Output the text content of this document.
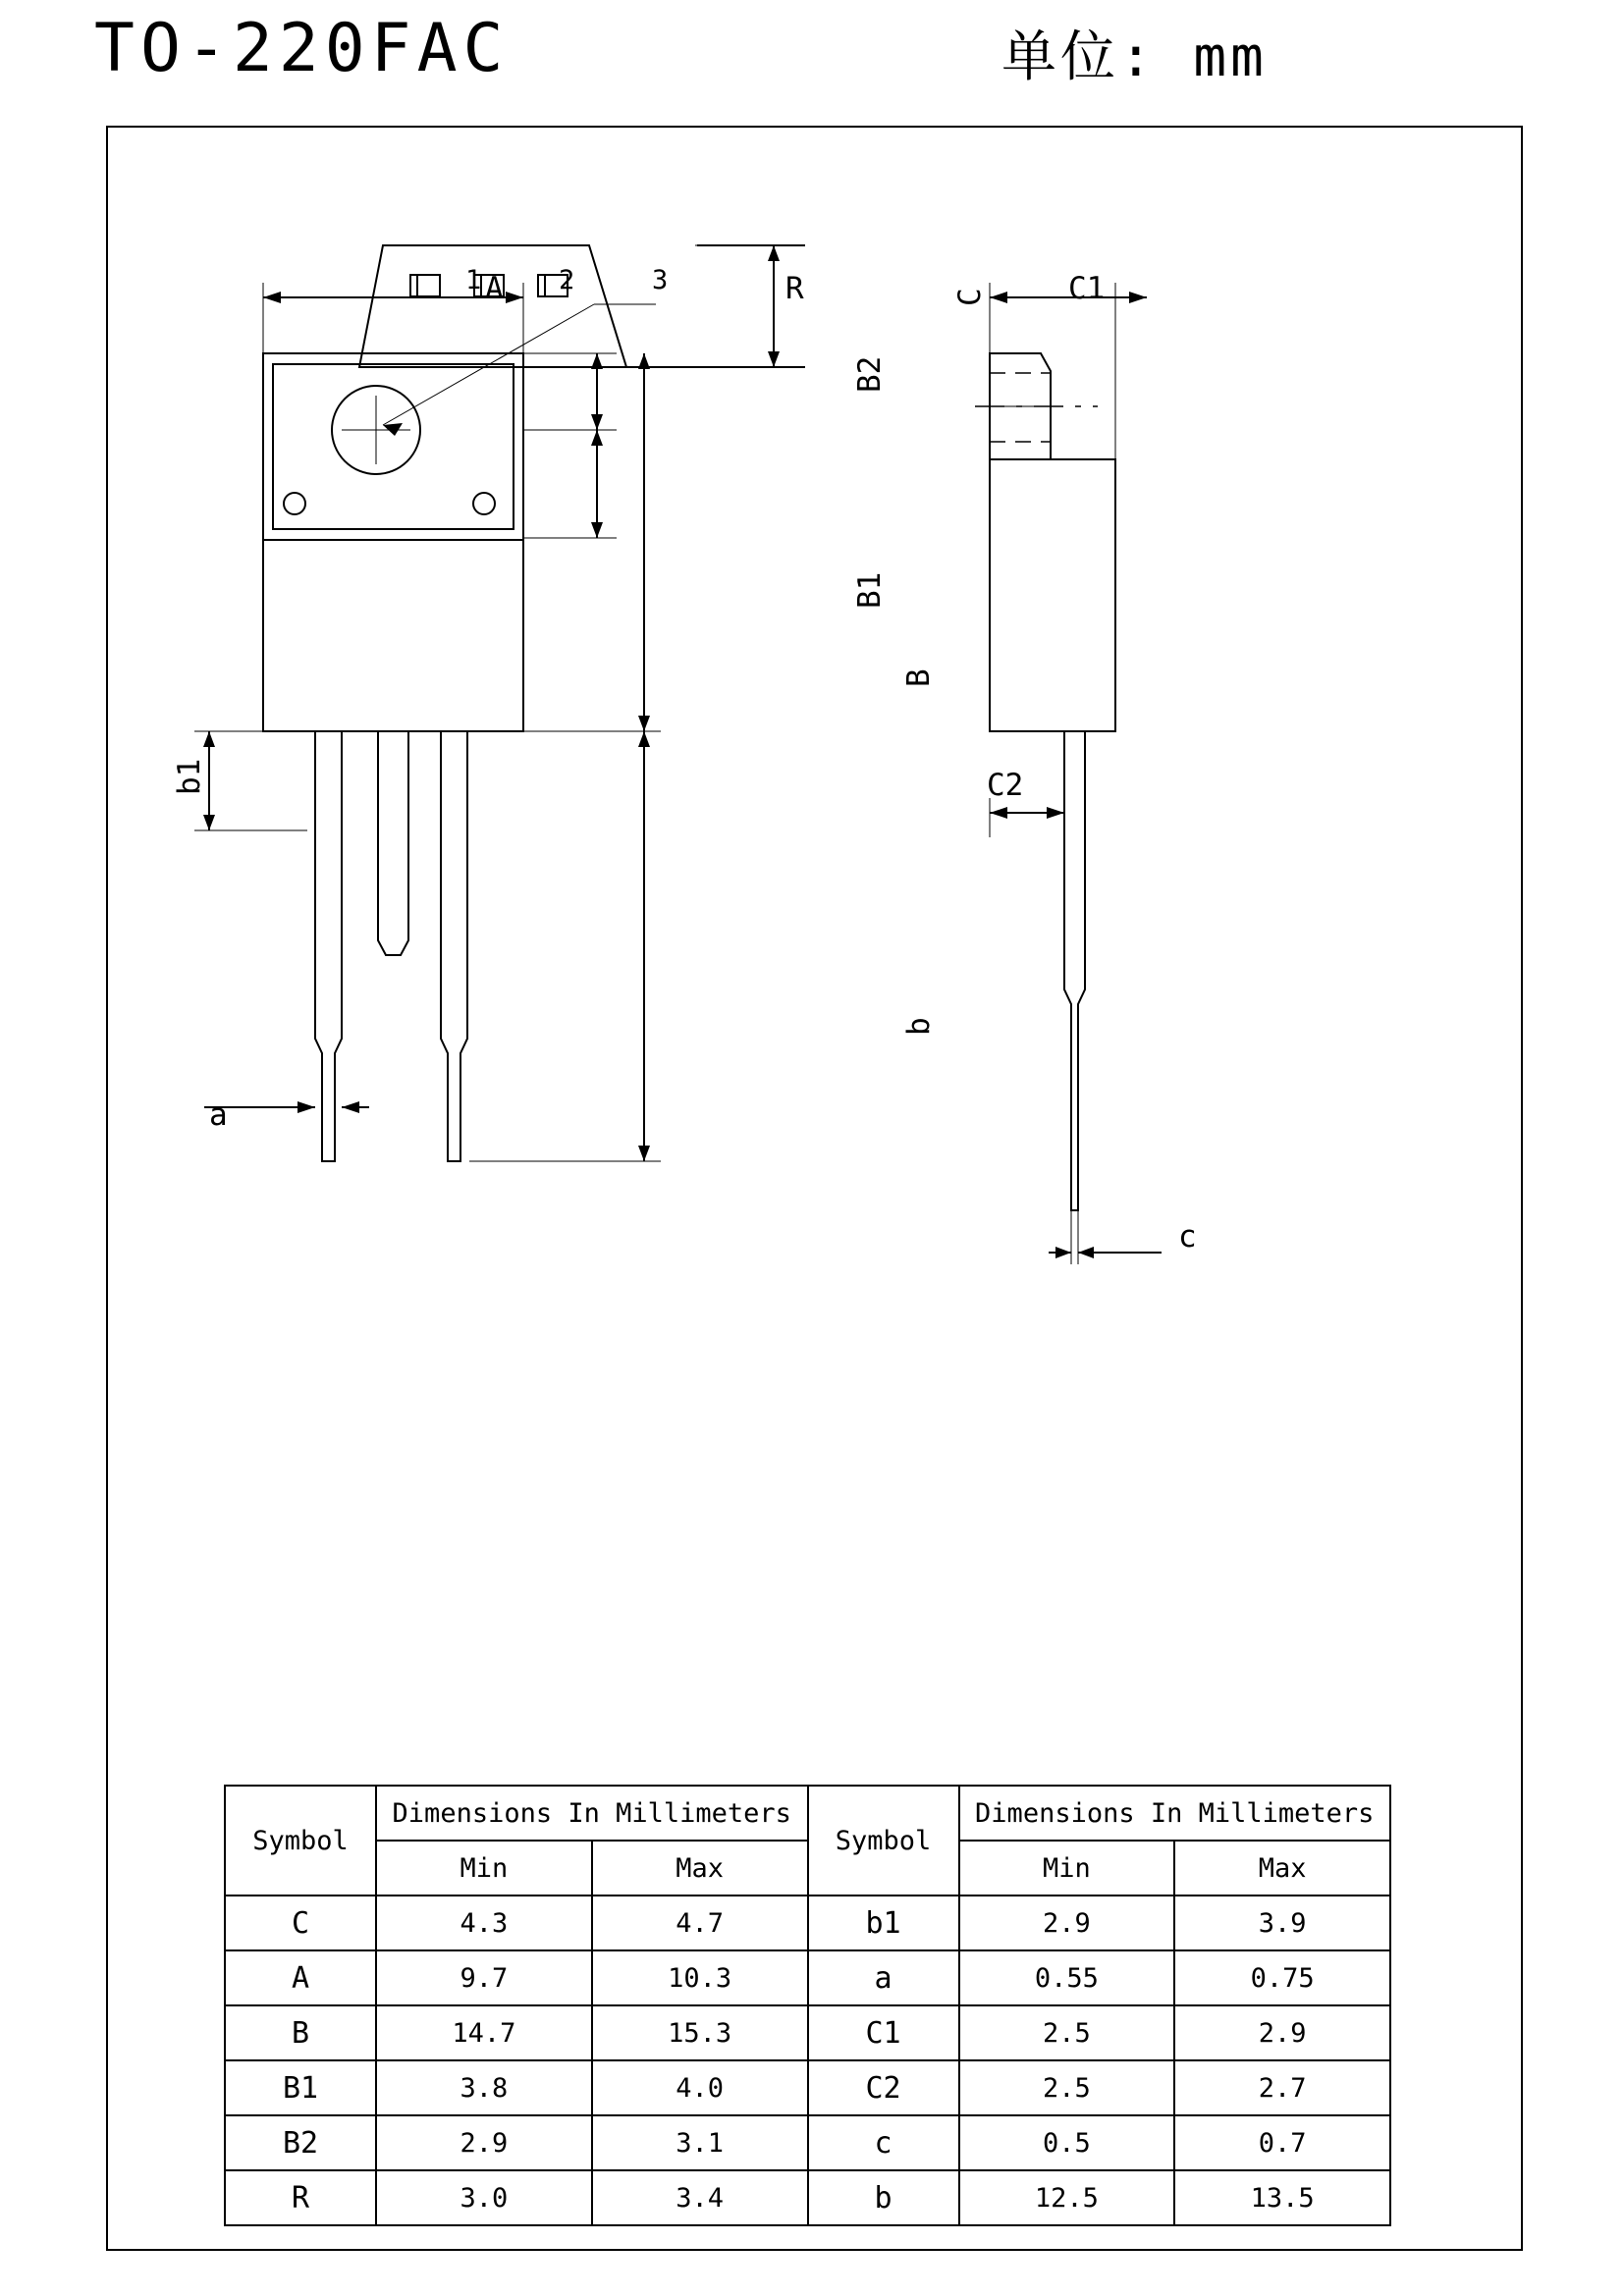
TO-220FAC	单位: mm
1	2	3
C
A	R
B2
B1
B
b1
b
a
C1
C2
c
Symbol	Dimensions In Millimeters		Symbol	Dimensions In Millimeters	
	Min	Max		Min	Max
C	4.3	4.7	b1	2.9	3.9
A	9.7	10.3	a	0.55	0.75
B	14.7	15.3	C1	2.5	2.9
B1	3.8	4.0	C2	2.5	2.7
B2	2.9	3.1	c	0.5	0.7
R	3.0	3.4	b	12.5	13.5
